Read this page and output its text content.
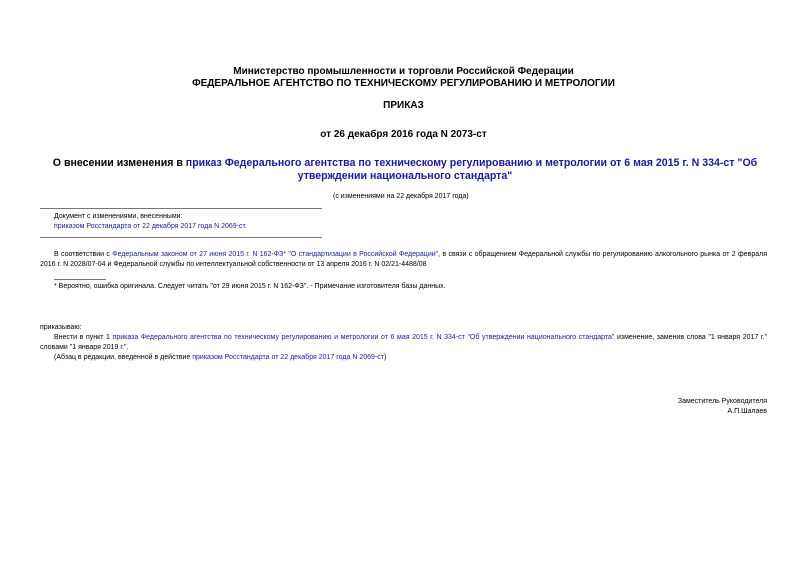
Министерство промышленности и торговли Российской Федерации
ФЕДЕРАЛЬНОЕ АГЕНТСТВО ПО ТЕХНИЧЕСКОМУ РЕГУЛИРОВАНИЮ И МЕТРОЛОГИИ
ПРИКАЗ
от 26 декабря 2016 года N 2073-ст
О внесении изменения в приказ Федерального агентства по техническому регулированию и метрологии от 6 мая 2015 г. N 334-ст "Об утверждении национального стандарта"
(с изменениями на 22 декабря 2017 года)
Документ с изменениями, внесенными:
приказом Росстандарта от 22 декабря 2017 года N 2069-ст.
В соответствии с Федеральным законом от 27 июня 2015 г. N 162-ФЗ* "О стандартизации в Российской Федерации", в связи с обращением Федеральной службы по регулированию алкогольного рынка от 2 февраля 2016 г. N 2028/07-04 и Федеральной службы по интеллектуальной собственности от 13 апреля 2016 г. N 02/21-4488/08
* Вероятно, ошибка оригинала. Следует читать "от 29 июня 2015 г. N 162-ФЗ". - Примечание изготовителя базы данных.
приказываю:
Внести в пункт 1 приказа Федерального агентства по техническому регулированию и метрологии от 6 мая 2015 г. N 334-ст "Об утверждении национального стандарта" изменение, заменив слова "1 января 2017 г." словами "1 января 2019 г.".
(Абзац в редакции, введенной в действие приказом Росстандарта от 22 декабря 2017 года N 2069-ст)
Заместитель Руководителя
А.П.Шалаев
